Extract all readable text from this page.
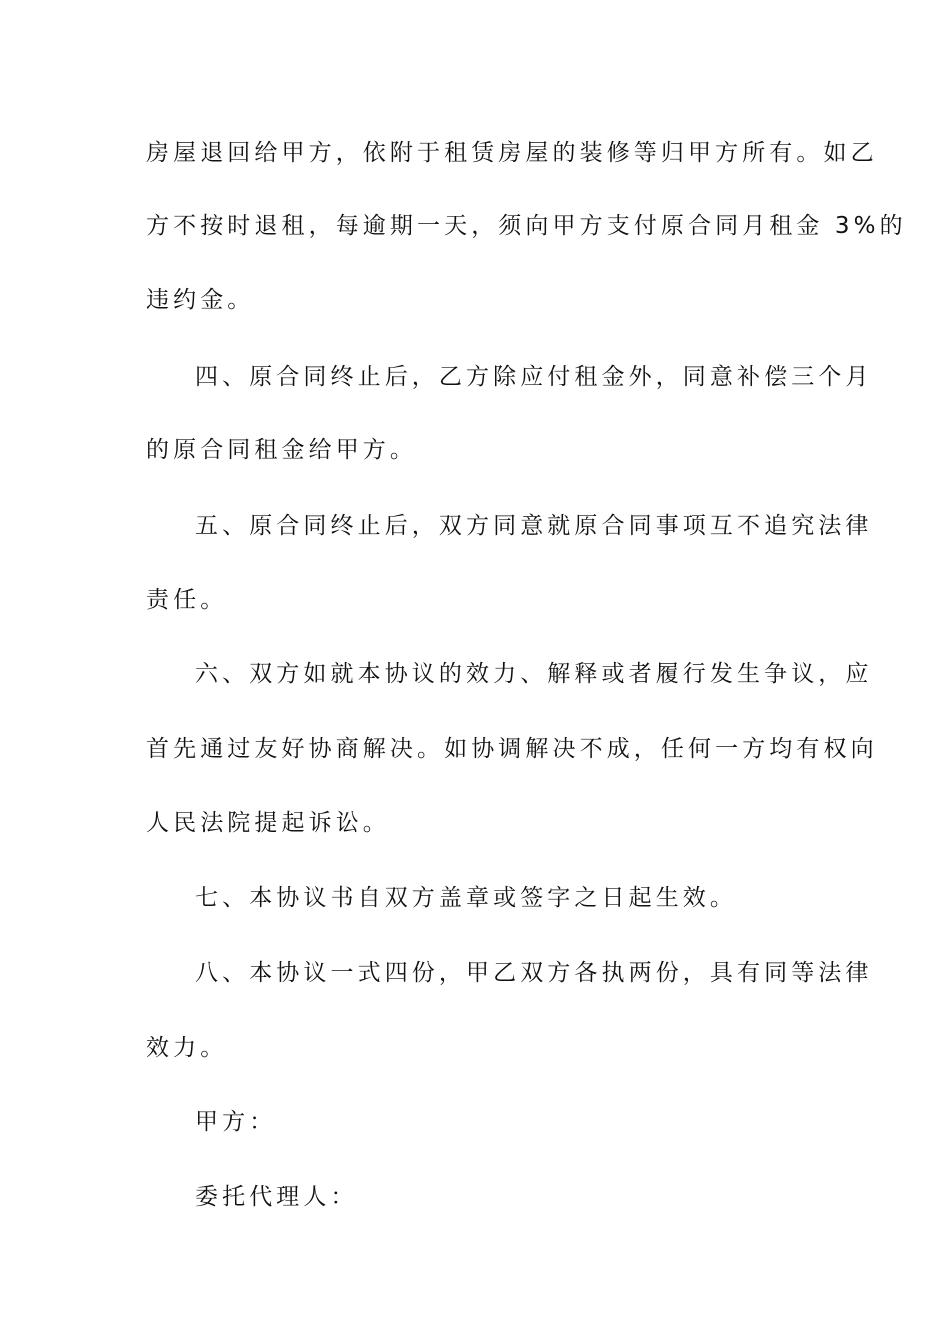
房屋退回给甲方，依附于租赁房屋的装修等归甲方所有。如乙
方不按时退租，每逾期一天，须向甲方支付原合同月租金 3%的
违约金。
四、原合同终止后，乙方除应付租金外，同意补偿三个月
的原合同租金给甲方。
五、原合同终止后，双方同意就原合同事项互不追究法律
责任。
六、双方如就本协议的效力、解释或者履行发生争议，应
首先通过友好协商解决。如协调解决不成，任何一方均有权向
人民法院提起诉讼。
七、本协议书自双方盖章或签字之日起生效。
八、本协议一式四份，甲乙双方各执两份，具有同等法律
效力。
甲方：
委托代理人：
